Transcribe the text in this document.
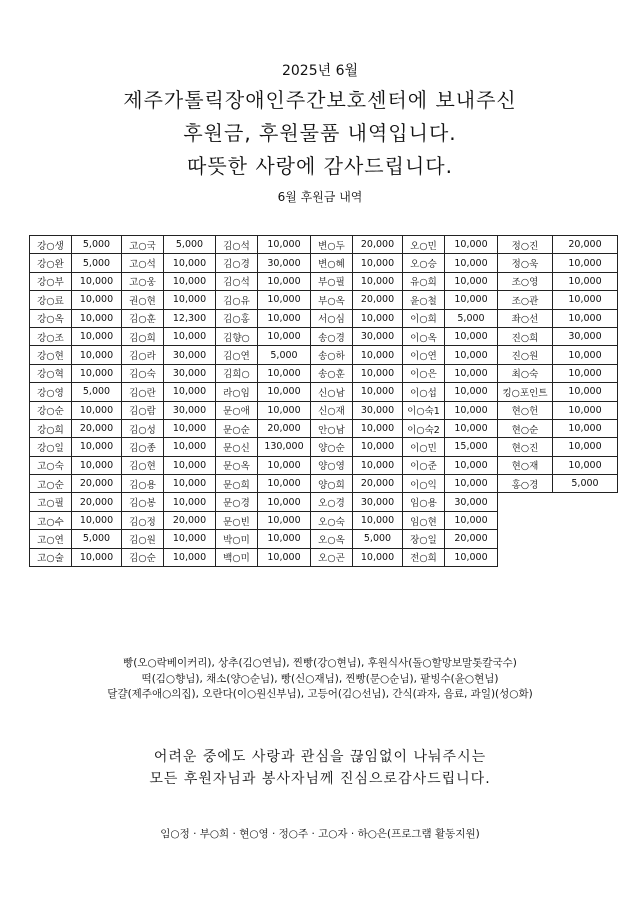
2025년 6월
제주가톨릭장애인주간보호센터에 보내주신
후원금, 후원물품 내역입니다.
따뜻한 사랑에 감사드립니다.
6월 후원금 내역
강○생	5,000	고○국	5,000	김○석	10,000	변○두	20,000	오○민	10,000	정○진	20,000
강○완	5,000	고○석	10,000	김○경	30,000	변○혜	10,000	오○승	10,000	정○욱	10,000
강○부	10,000	고○웅	10,000	김○석	10,000	부○필	10,000	유○희	10,000	조○영	10,000
강○료	10,000	권○현	10,000	김○유	10,000	부○옥	20,000	윤○철	10,000	조○관	10,000
강○옥	10,000	김○훈	12,300	김○홍	10,000	서○심	10,000	이○희	5,000	좌○선	10,000
강○조	10,000	김○희	10,000	김향○	10,000	송○경	30,000	이○옥	10,000	진○희	30,000
강○현	10,000	김○라	30,000	김○연	5,000	송○하	10,000	이○연	10,000	진○원	10,000
강○혁	10,000	김○숙	30,000	김희○	10,000	송○훈	10,000	이○은	10,000	최○숙	10,000
강○영	5,000	김○란	10,000	라○임	10,000	신○남	10,000	이○섭	10,000	킹○포인트	10,000
강○순	10,000	김○람	30,000	문○애	10,000	신○재	30,000	이○숙1	10,000	현○헌	10,000
강○희	20,000	김○성	10,000	문○순	20,000	안○남	10,000	이○숙2	10,000	현○순	10,000
강○일	10,000	김○종	10,000	문○신	130,000	양○순	10,000	이○민	15,000	현○진	10,000
고○숙	10,000	김○현	10,000	문○옥	10,000	양○영	10,000	이○준	10,000	현○재	10,000
고○순	20,000	김○용	10,000	문○희	10,000	양○희	20,000	이○익	10,000	홍○경	5,000
고○필	20,000	김○봉	10,000	문○경	10,000	오○경	30,000	임○용	30,000		
고○수	10,000	김○정	20,000	문○빈	10,000	오○숙	10,000	임○현	10,000		
고○연	5,000	김○원	10,000	박○미	10,000	오○옥	5,000	장○일	20,000		
고○술	10,000	김○순	10,000	백○미	10,000	오○곤	10,000	전○희	10,000		
빵(오○락베이커리), 상추(김○연님), 찐빵(강○현님), 후원식사(돌○할망보말톳칼국수)
떡(김○향님), 채소(양○순님), 빵(신○재님), 찐빵(문○순님), 팥빙수(윤○현님)
달걀(제주애○의집), 오란다(이○원신부님), 고등어(김○선님), 간식(과자, 음료, 과일)(성○화)
어려운 중에도 사랑과 관심을 끊임없이 나눠주시는
모든 후원자님과 봉사자님께 진심으로감사드립니다.
임○정 · 부○희 · 현○영 · 정○주 · 고○자 · 하○은(프로그램 활동지원)
